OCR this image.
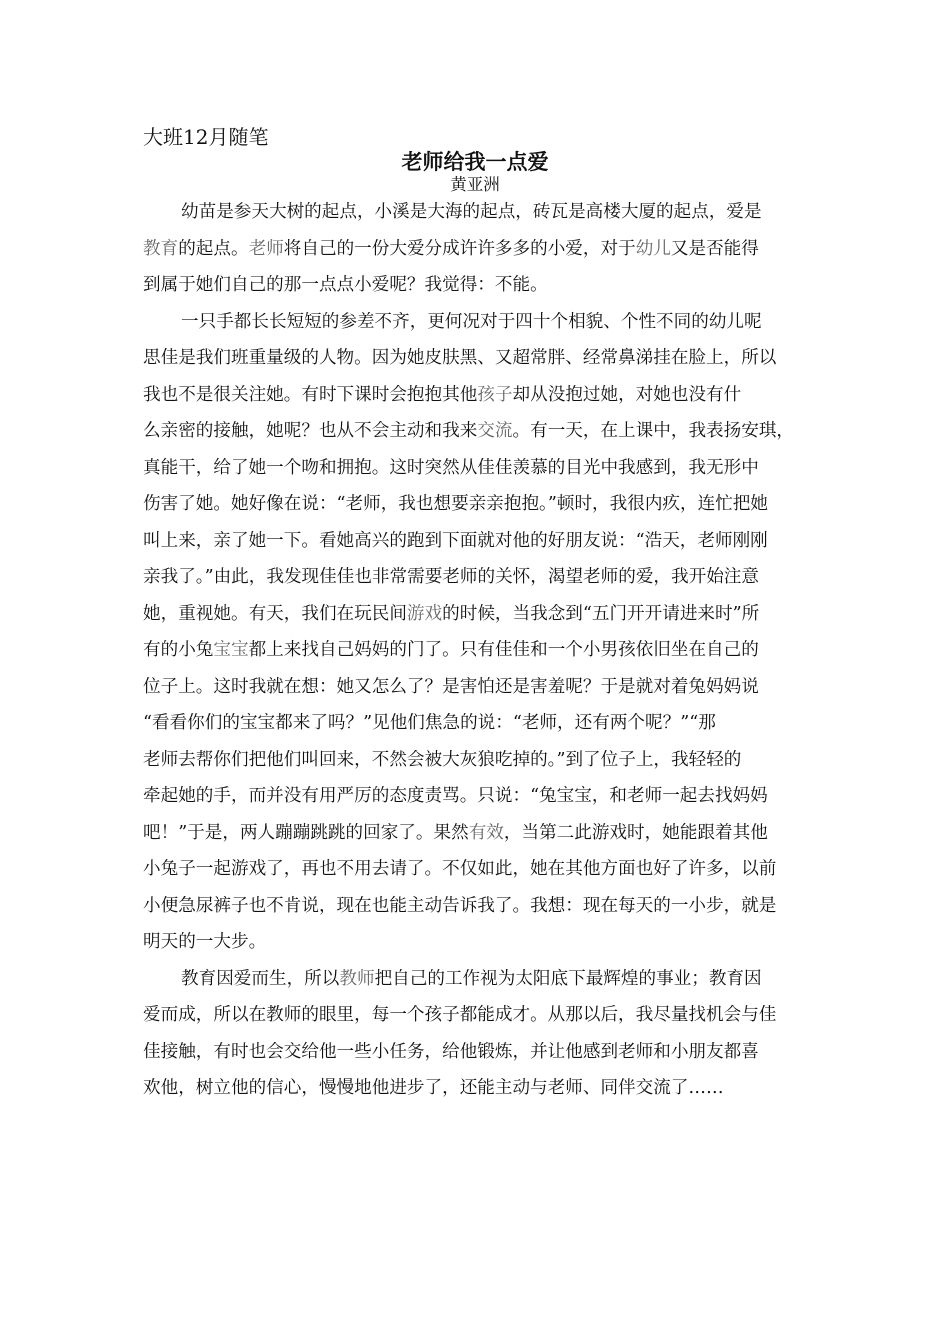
大班12月随笔
老师给我一点爱
黄亚洲
幼苗是参天大树的起点，小溪是大海的起点，砖瓦是高楼大厦的起点，爱是
教育的起点。老师将自己的一份大爱分成许许多多的小爱，对于幼儿又是否能得
到属于她们自己的那一点点小爱呢？我觉得：不能。
一只手都长长短短的参差不齐，更何况对于四十个相貌、个性不同的幼儿呢
思佳是我们班重量级的人物。因为她皮肤黑、又超常胖、经常鼻涕挂在脸上，所以
我也不是很关注她。有时下课时会抱抱其他孩子却从没抱过她，对她也没有什
么亲密的接触，她呢？也从不会主动和我来交流。有一天，在上课中，我表扬安琪，
真能干，给了她一个吻和拥抱。这时突然从佳佳羡慕的目光中我感到，我无形中
伤害了她。她好像在说：“老师，我也想要亲亲抱抱。”顿时，我很内疚，连忙把她
叫上来，亲了她一下。看她高兴的跑到下面就对他的好朋友说：“浩天，老师刚刚
亲我了。”由此，我发现佳佳也非常需要老师的关怀，渴望老师的爱，我开始注意
她，重视她。有天，我们在玩民间游戏的时候，当我念到“五门开开请进来时”所
有的小兔宝宝都上来找自己妈妈的门了。只有佳佳和一个小男孩依旧坐在自己的
位子上。这时我就在想：她又怎么了？是害怕还是害羞呢？于是就对着兔妈妈说
“看看你们的宝宝都来了吗？”见他们焦急的说：“老师，还有两个呢？”“那
老师去帮你们把他们叫回来，不然会被大灰狼吃掉的。”到了位子上，我轻轻的
牵起她的手，而并没有用严厉的态度责骂。只说：“兔宝宝，和老师一起去找妈妈
吧！”于是，两人蹦蹦跳跳的回家了。果然有效，当第二此游戏时，她能跟着其他
小兔子一起游戏了，再也不用去请了。不仅如此，她在其他方面也好了许多，以前
小便急尿裤子也不肯说，现在也能主动告诉我了。我想：现在每天的一小步，就是
明天的一大步。
教育因爱而生，所以教师把自己的工作视为太阳底下最辉煌的事业；教育因
爱而成，所以在教师的眼里，每一个孩子都能成才。从那以后，我尽量找机会与佳
佳接触，有时也会交给他一些小任务，给他锻炼，并让他感到老师和小朋友都喜
欢他，树立他的信心，慢慢地他进步了，还能主动与老师、同伴交流了……
